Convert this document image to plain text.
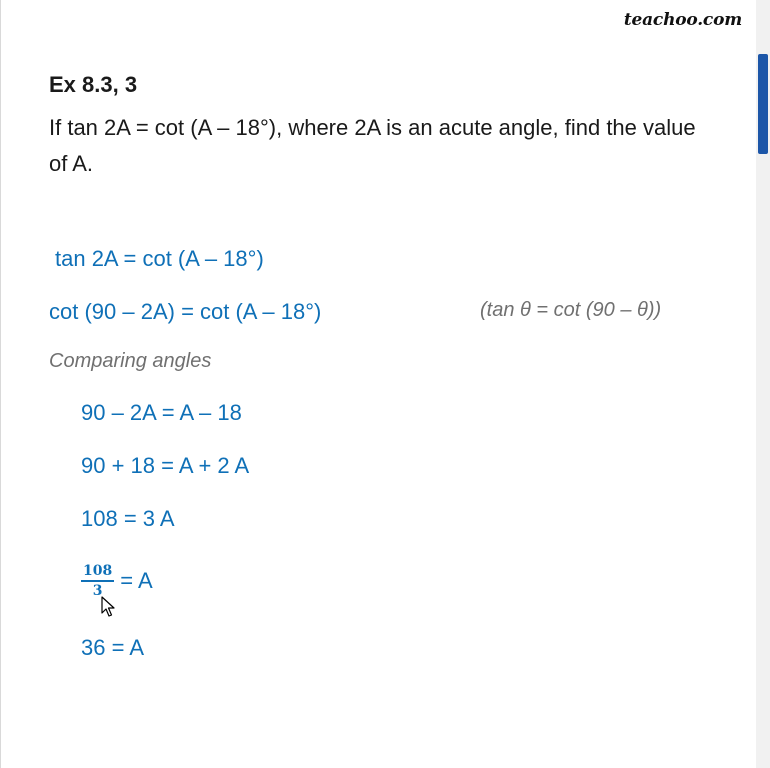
teachoo.com
Ex 8.3, 3
If tan 2A = cot (A – 18°), where 2A is an acute angle, find the value of A.
tan 2A = cot (A – 18°)
cot (90 – 2A) = cot (A – 18°)	(tan θ = cot (90 – θ))
Comparing angles
90 – 2A = A – 18
90 + 18 = A + 2 A
108 = 3 A
$\frac{108}{3} = A$
36 = A
